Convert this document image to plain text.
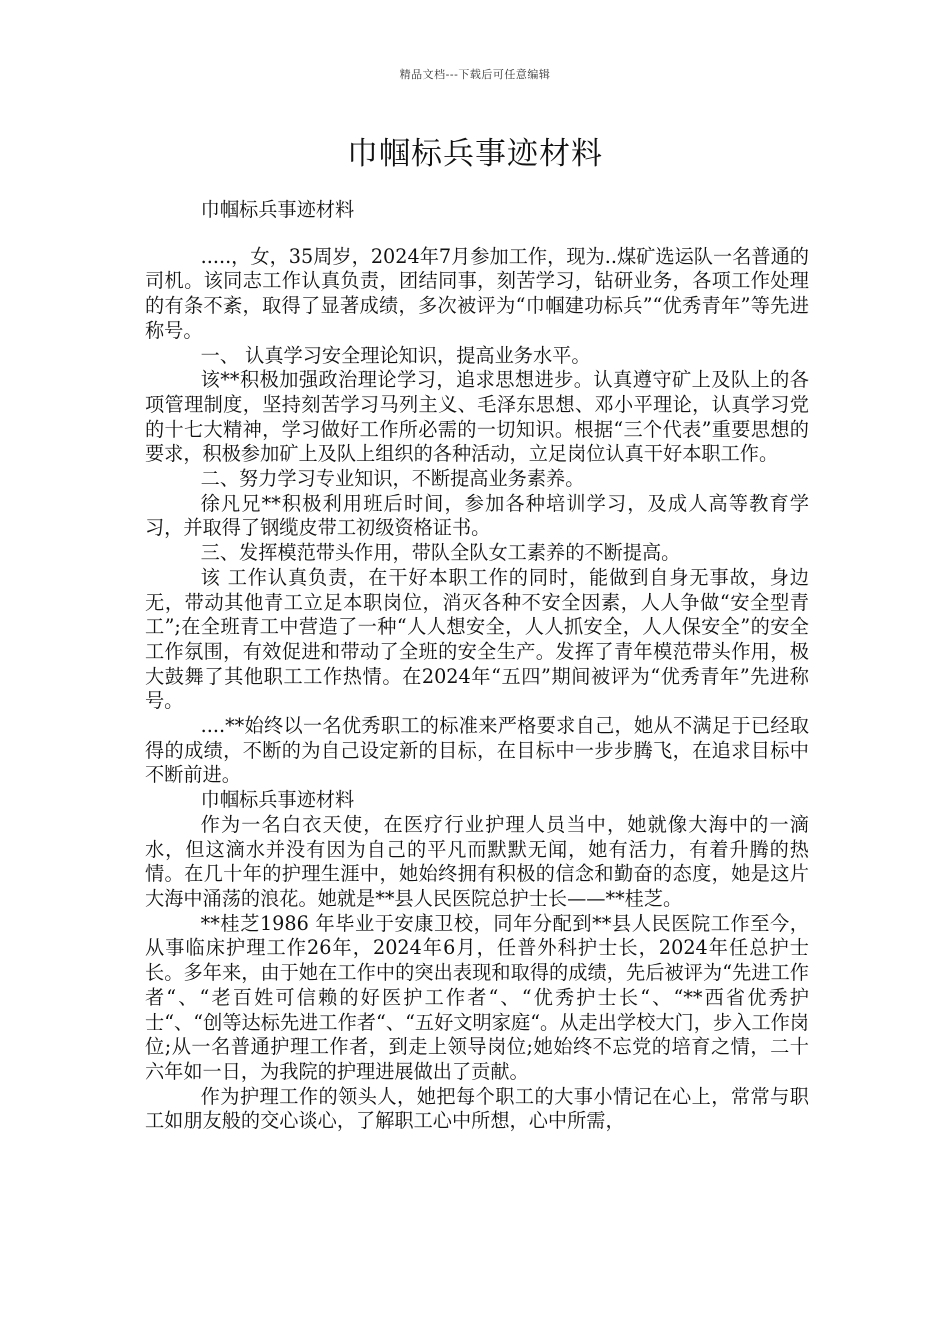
精品文档---下载后可任意编辑
巾帼标兵事迹材料

巾帼标兵事迹材料

.....，女，35周岁，2024年7月参加工作，现为..煤矿选运队一名普通的司机。该同志工作认真负责，团结同事，刻苦学习，钻研业务，各项工作处理的有条不紊，取得了显著成绩，多次被评为“巾帼建功标兵”“优秀青年”等先进称号。

一、 认真学习安全理论知识，提高业务水平。

该**积极加强政治理论学习，追求思想进步。认真遵守矿上及队上的各项管理制度，坚持刻苦学习马列主义、毛泽东思想、邓小平理论，认真学习党的十七大精神，学习做好工作所必需的一切知识。根据“三个代表”重要思想的要求，积极参加矿上及队上组织的各种活动，立足岗位认真干好本职工作。

二、努力学习专业知识，不断提高业务素养。

徐凡兄**积极利用班后时间，参加各种培训学习，及成人高等教育学习，并取得了钢缆皮带工初级资格证书。

三、发挥模范带头作用，带队全队女工素养的不断提高。

该 工作认真负责，在干好本职工作的同时，能做到自身无事故，身边无，带动其他青工立足本职岗位，消灭各种不安全因素，人人争做“安全型青工”;在全班青工中营造了一种“人人想安全，人人抓安全，人人保安全”的安全工作氛围，有效促进和带动了全班的安全生产。发挥了青年模范带头作用，极大鼓舞了其他职工工作热情。在2024年“五四”期间被评为“优秀青年”先进称号。

....**始终以一名优秀职工的标准来严格要求自己，她从不满足于已经取得的成绩，不断的为自己设定新的目标，在目标中一步步腾飞，在追求目标中不断前进。

巾帼标兵事迹材料

作为一名白衣天使，在医疗行业护理人员当中，她就像大海中的一滴水，但这滴水并没有因为自己的平凡而默默无闻，她有活力，有着升腾的热情。在几十年的护理生涯中，她始终拥有积极的信念和勤奋的态度，她是这片大海中涌荡的浪花。她就是**县人民医院总护士长——**桂芝。

**桂芝1986 年毕业于安康卫校，同年分配到**县人民医院工作至今，从事临床护理工作26年，2024年6月，任普外科护士长，2024年任总护士长。多年来，由于她在工作中的突出表现和取得的成绩，先后被评为“先进工作者“、“老百姓可信赖的好医护工作者“、“优秀护士长“、“**西省优秀护士“、“创等达标先进工作者“、“五好文明家庭“。从走出学校大门，步入工作岗位;从一名普通护理工作者，到走上领导岗位;她始终不忘党的培育之情，二十六年如一日，为我院的护理进展做出了贡献。

作为护理工作的领头人，她把每个职工的大事小情记在心上，常常与职工如朋友般的交心谈心，了解职工心中所想，心中所需，
